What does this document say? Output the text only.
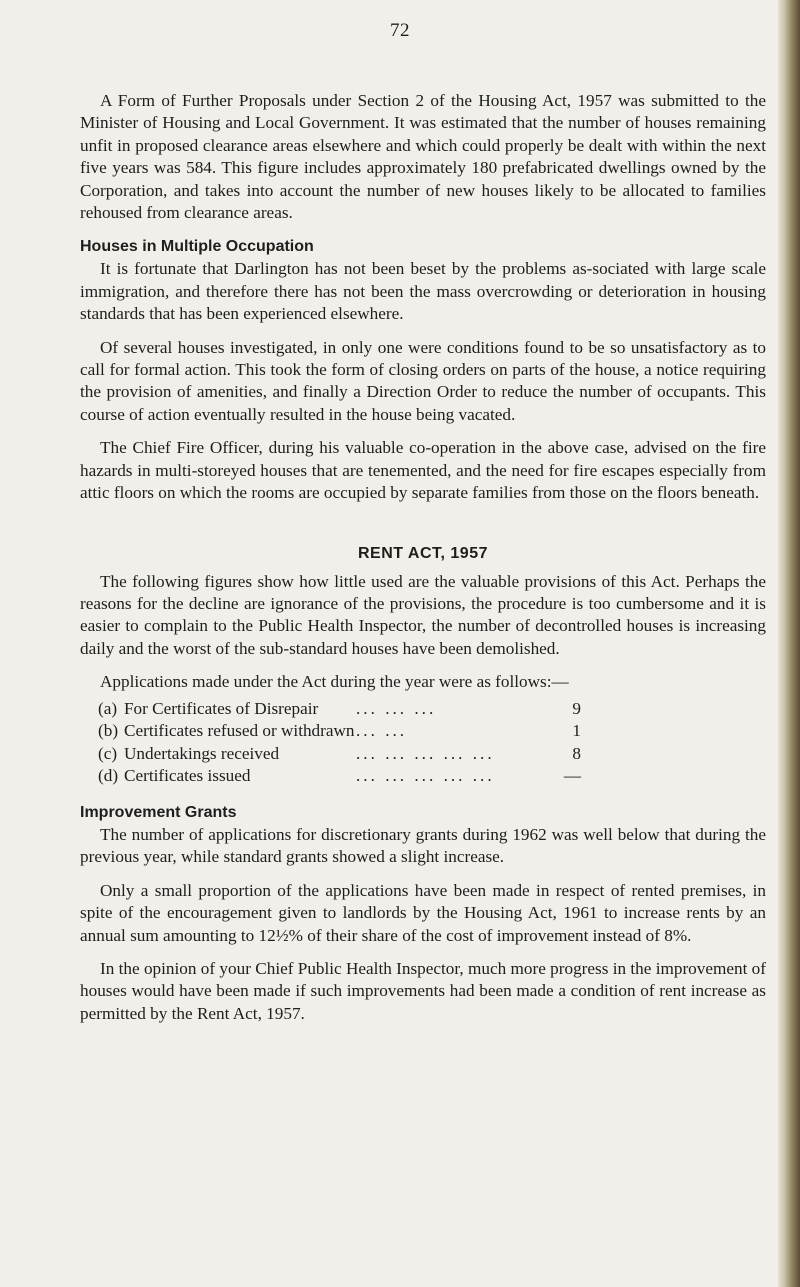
72

A Form of Further Proposals under Section 2 of the Housing Act, 1957 was submitted to the Minister of Housing and Local Government. It was estimated that the number of houses remaining unfit in proposed clearance areas elsewhere and which could properly be dealt with within the next five years was 584. This figure includes approximately 180 prefabricated dwellings owned by the Corporation, and takes into account the number of new houses likely to be allocated to families rehoused from clearance areas.

Houses in Multiple Occupation

It is fortunate that Darlington has not been beset by the problems as-sociated with large scale immigration, and therefore there has not been the mass overcrowding or deterioration in housing standards that has been experienced elsewhere.

Of several houses investigated, in only one were conditions found to be so unsatisfactory as to call for formal action. This took the form of closing orders on parts of the house, a notice requiring the provision of amenities, and finally a Direction Order to reduce the number of occupants. This course of action eventually resulted in the house being vacated.

The Chief Fire Officer, during his valuable co-operation in the above case, advised on the fire hazards in multi-storeyed houses that are tenemented, and the need for fire escapes especially from attic floors on which the rooms are occupied by separate families from those on the floors beneath.

RENT ACT, 1957

The following figures show how little used are the valuable provisions of this Act. Perhaps the reasons for the decline are ignorance of the provisions, the procedure is too cumbersome and it is easier to complain to the Public Health Inspector, the number of decontrolled houses is increasing daily and the worst of the sub-standard houses have been demolished.

Applications made under the Act during the year were as follows:—

(a)	For Certificates of Disrepair	... ... ...	9
(b)	Certificates refused or withdrawn	... ...	1
(c)	Undertakings received	... ... ... ... ...	8
(d)	Certificates issued	... ... ... ... ...	—
Improvement Grants

The number of applications for discretionary grants during 1962 was well below that during the previous year, while standard grants showed a slight increase.

Only a small proportion of the applications have been made in respect of rented premises, in spite of the encouragement given to landlords by the Housing Act, 1961 to increase rents by an annual sum amounting to 12½% of their share of the cost of improvement instead of 8%.

In the opinion of your Chief Public Health Inspector, much more progress in the improvement of houses would have been made if such improvements had been made a condition of rent increase as permitted by the Rent Act, 1957.
